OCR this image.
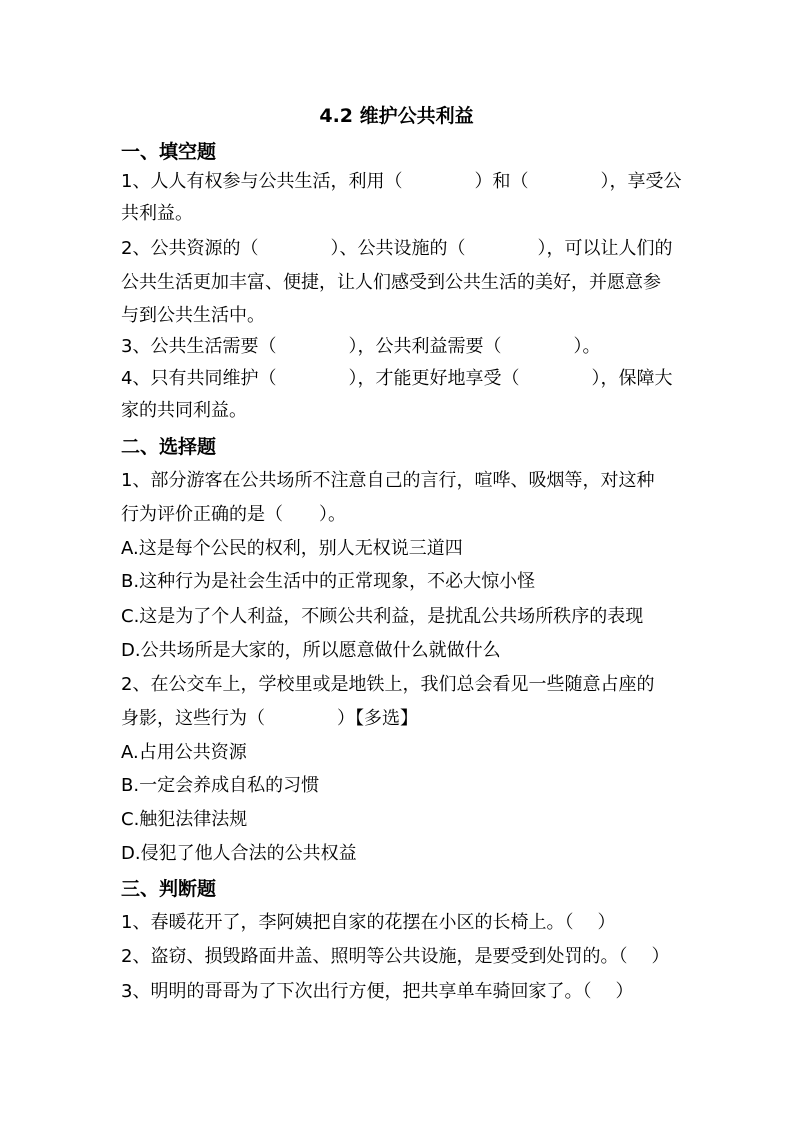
4.2 维护公共利益
一、填空题
1、人人有权参与公共生活，利用（	）和（	），享受公
共利益。
2、公共资源的（	）、公共设施的（	），可以让人们的
公共生活更加丰富、便捷，让人们感受到公共生活的美好，并愿意参
与到公共生活中。
3、公共生活需要（	），公共利益需要（	）。
4、只有共同维护（	），才能更好地享受（	），保障大
家的共同利益。
二、选择题
1、部分游客在公共场所不注意自己的言行，喧哗、吸烟等，对这种
行为评价正确的是（ ）。
A.这是每个公民的权利，别人无权说三道四
B.这种行为是社会生活中的正常现象，不必大惊小怪
C.这是为了个人利益，不顾公共利益，是扰乱公共场所秩序的表现
D.公共场所是大家的，所以愿意做什么就做什么
2、在公交车上，学校里或是地铁上，我们总会看见一些随意占座的
身影，这些行为（	）【多选】
A.占用公共资源
B.一定会养成自私的习惯
C.触犯法律法规
D.侵犯了他人合法的公共权益
三、判断题
1、春暖花开了，李阿姨把自家的花摆在小区的长椅上。（ ）
2、盗窃、损毁路面井盖、照明等公共设施，是要受到处罚的。（ ）
3、明明的哥哥为了下次出行方便，把共享单车骑回家了。（ ）
